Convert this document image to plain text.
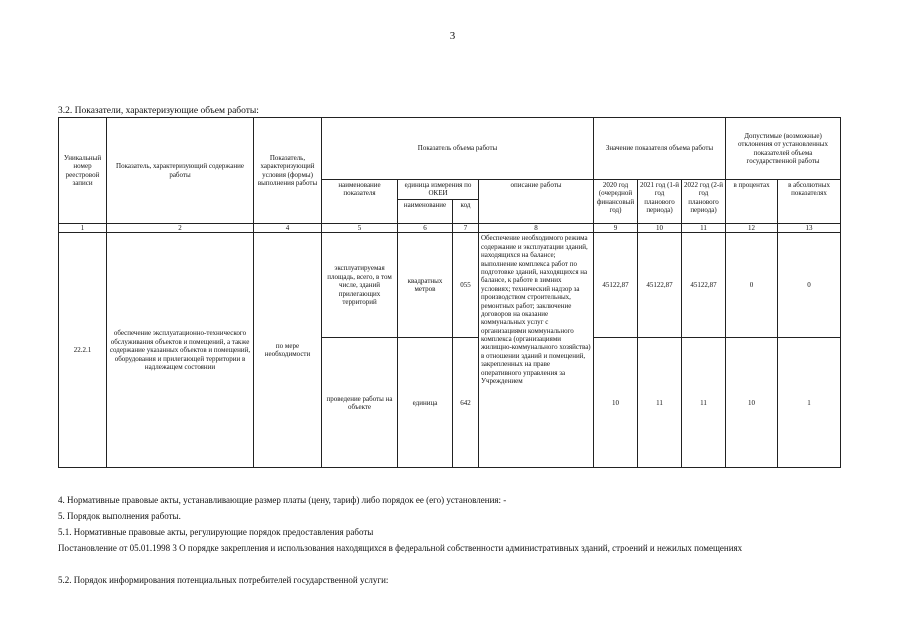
3
3.2. Показатели, характеризующие объем работы:
Уникальный номер реестровой записи	Показатель, характеризующий содержание работы	Показатель, характеризующий условия (формы) выполнения работы	Показатель объема работы				Значение показателя объема работы			Допустимые (возможные) отклонения от установленных показателей объема государственной работы	
			наименование показателя	единица измерения по ОКЕИ		описание работы	2020 год (очередной финансовый год)	2021 год (1-й год планового периода)	2022 год (2-й год планового периода)	в процентах	в абсолютных показателях
				наименование	код						
1	2	4	5	6	7	8	9	10	11	12	13
22.2.1	обеспечение эксплуатационно-технического обслуживания объектов и помещений, а также содержание указанных объектов и помещений, оборудования и прилегающей территории в надлежащем состоянии	по мере необходимости	эксплуатируемая площадь, всего, в том числе, зданий прилегающих территорий	квадратных метров	055	Обеспечение необходимого режима содержание и эксплуатации зданий, находящихся на балансе; выполнение комплекса работ по подготовке зданий, находящихся на балансе, к работе в зимних условиях; технический надзор за производством строительных, ремонтных работ; заключение договоров на оказание коммунальных услуг с организациями коммунального комплекса (организациями жилищно-коммунального хозяйства) в отношении зданий и помещений, закрепленных на праве оперативного управления за Учреждением	45122,87	45122,87	45122,87	0	0
			проведение работы на объекте	единица	642		10	11	11	10	1

4. Нормативные правовые акты, устанавливающие размер платы (цену, тариф) либо порядок ее (его) установления: -

5. Порядок выполнения работы.

5.1. Нормативные правовые акты, регулирующие порядок предоставления работы

Постановление от 05.01.1998 3 О порядке закрепления и использования находящихся в федеральной собственности административных зданий, строений и нежилых помещениях

5.2. Порядок информирования потенциальных потребителей государственной услуги:
